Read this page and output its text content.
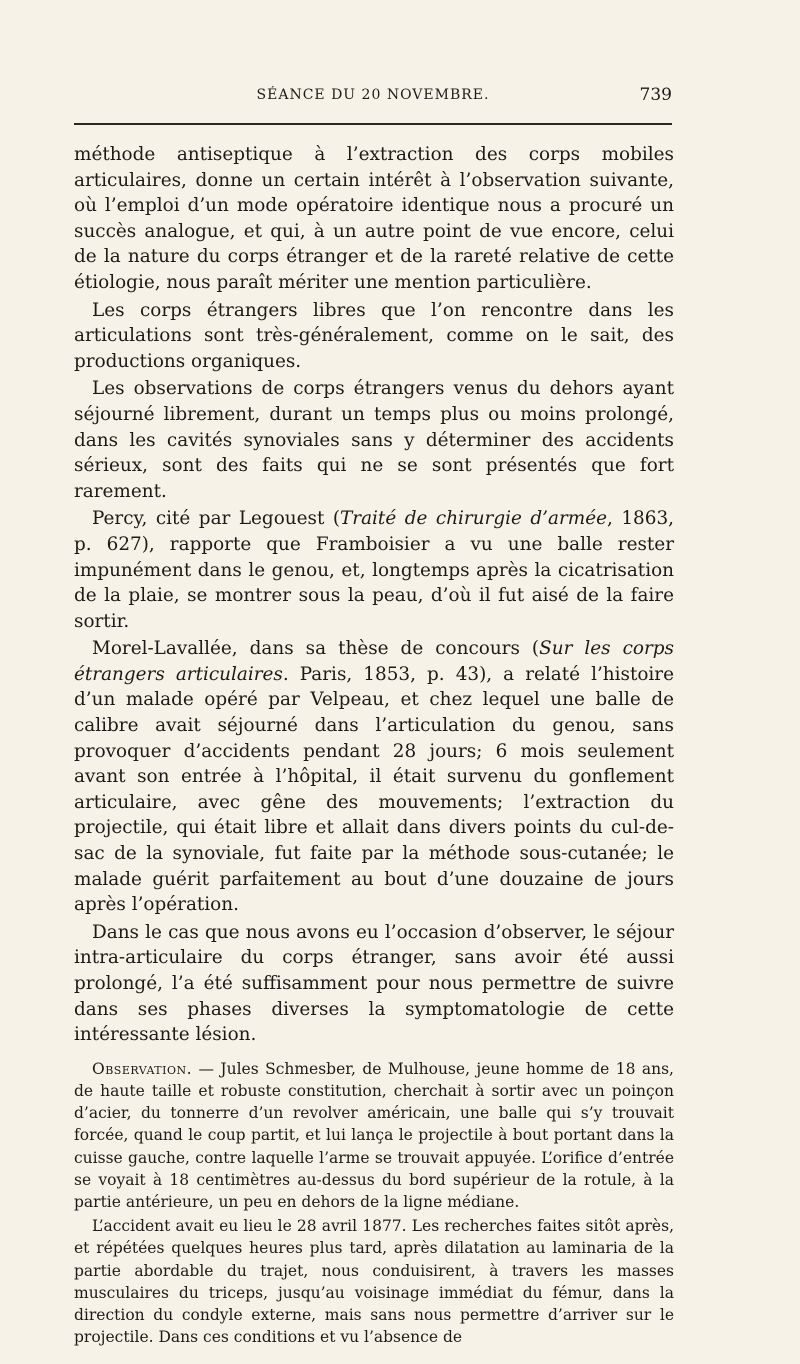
SÉANCE DU 20 NOVEMBRE.	739

méthode antiseptique à l’extraction des corps mobiles articulaires, donne un certain intérêt à l’observation suivante, où l’emploi d’un mode opératoire identique nous a procuré un succès analogue, et qui, à un autre point de vue encore, celui de la nature du corps étranger et de la rareté relative de cette étiologie, nous paraît mériter une mention particulière.

Les corps étrangers libres que l’on rencontre dans les articulations sont très-généralement, comme on le sait, des productions organiques.

Les observations de corps étrangers venus du dehors ayant séjourné librement, durant un temps plus ou moins prolongé, dans les cavités synoviales sans y déterminer des accidents sérieux, sont des faits qui ne se sont présentés que fort rarement.

Percy, cité par Legouest (Traité de chirurgie d’armée, 1863, p. 627), rapporte que Framboisier a vu une balle rester impunément dans le genou, et, longtemps après la cicatrisation de la plaie, se montrer sous la peau, d’où il fut aisé de la faire sortir.

Morel-Lavallée, dans sa thèse de concours (Sur les corps étrangers articulaires. Paris, 1853, p. 43), a relaté l’histoire d’un malade opéré par Velpeau, et chez lequel une balle de calibre avait séjourné dans l’articulation du genou, sans provoquer d’accidents pendant 28 jours; 6 mois seulement avant son entrée à l’hôpital, il était survenu du gonflement articulaire, avec gêne des mouvements; l’extraction du projectile, qui était libre et allait dans divers points du cul-de-sac de la synoviale, fut faite par la méthode sous-cutanée; le malade guérit parfaitement au bout d’une douzaine de jours après l’opération.

Dans le cas que nous avons eu l’occasion d’observer, le séjour intra-articulaire du corps étranger, sans avoir été aussi prolongé, l’a été suffisamment pour nous permettre de suivre dans ses phases diverses la symptomatologie de cette intéressante lésion.

Observation. — Jules Schmesber, de Mulhouse, jeune homme de 18 ans, de haute taille et robuste constitution, cherchait à sortir avec un poinçon d’acier, du tonnerre d’un revolver américain, une balle qui s’y trouvait forcée, quand le coup partit, et lui lança le projectile à bout portant dans la cuisse gauche, contre laquelle l’arme se trouvait appuyée. L’orifice d’entrée se voyait à 18 centimètres au-dessus du bord supérieur de la rotule, à la partie antérieure, un peu en dehors de la ligne médiane.

L’accident avait eu lieu le 28 avril 1877. Les recherches faites sitôt après, et répétées quelques heures plus tard, après dilatation au laminaria de la partie abordable du trajet, nous conduisirent, à travers les masses musculaires du triceps, jusqu’au voisinage immédiat du fémur, dans la direction du condyle externe, mais sans nous permettre d’arriver sur le projectile. Dans ces conditions et vu l’absence de
